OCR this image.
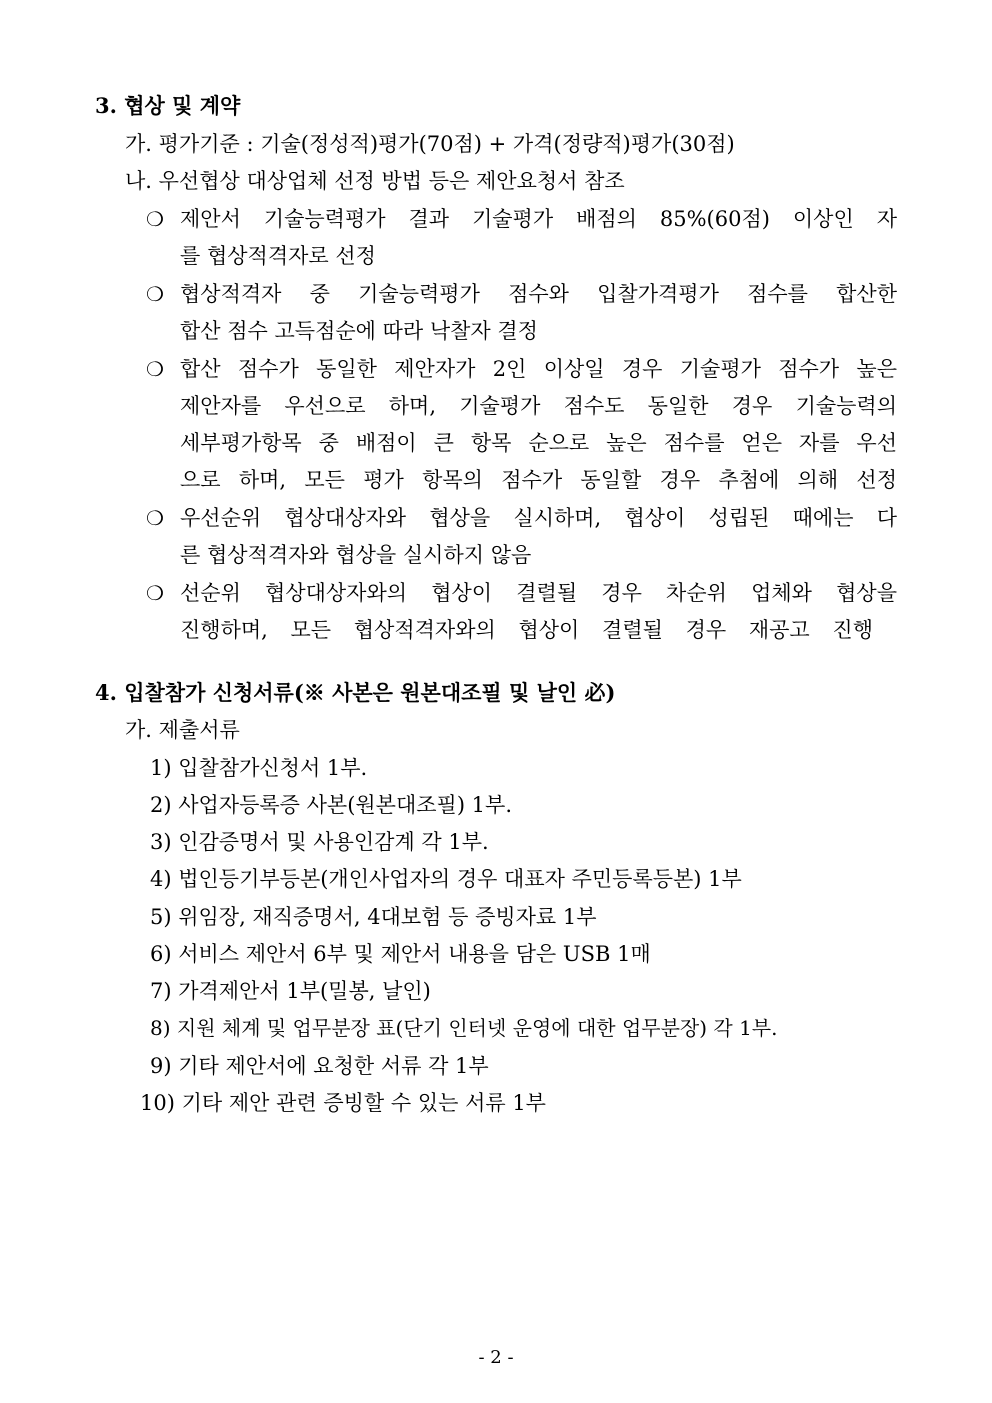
3. 협상 및 계약
가. 평가기준 : 기술(정성적)평가(70점) + 가격(정량적)평가(30점)
나. 우선협상 대상업체 선정 방법 등은 제안요청서 참조
❍ 제안서 기술능력평가 결과 기술평가 배점의 85%(60점) 이상인 자
를 협상적격자로 선정
❍ 협상적격자 중 기술능력평가 점수와 입찰가격평가 점수를 합산한
합산 점수 고득점순에 따라 낙찰자 결정
❍ 합산 점수가 동일한 제안자가 2인 이상일 경우 기술평가 점수가 높은
제안자를 우선으로 하며, 기술평가 점수도 동일한 경우 기술능력의
세부평가항목 중 배점이 큰 항목 순으로 높은 점수를 얻은 자를 우선
으로 하며, 모든 평가 항목의 점수가 동일할 경우 추첨에 의해 선정
❍ 우선순위 협상대상자와 협상을 실시하며, 협상이 성립된 때에는 다
른 협상적격자와 협상을 실시하지 않음
❍ 선순위 협상대상자와의 협상이 결렬될 경우 차순위 업체와 협상을
진행하며, 모든 협상적격자와의 협상이 결렬될 경우 재공고 진행
4. 입찰참가 신청서류(※ 사본은 원본대조필 및 날인 必)
가. 제출서류
1) 입찰참가신청서 1부.
2) 사업자등록증 사본(원본대조필) 1부.
3) 인감증명서 및 사용인감계 각 1부.
4) 법인등기부등본(개인사업자의 경우 대표자 주민등록등본) 1부
5) 위임장, 재직증명서, 4대보험 등 증빙자료 1부
6) 서비스 제안서 6부 및 제안서 내용을 담은 USB 1매
7) 가격제안서 1부(밀봉, 날인)
8) 지원 체계 및 업무분장 표(단기 인터넷 운영에 대한 업무분장) 각 1부.
9) 기타 제안서에 요청한 서류 각 1부
10) 기타 제안 관련 증빙할 수 있는 서류 1부
- 2 -
